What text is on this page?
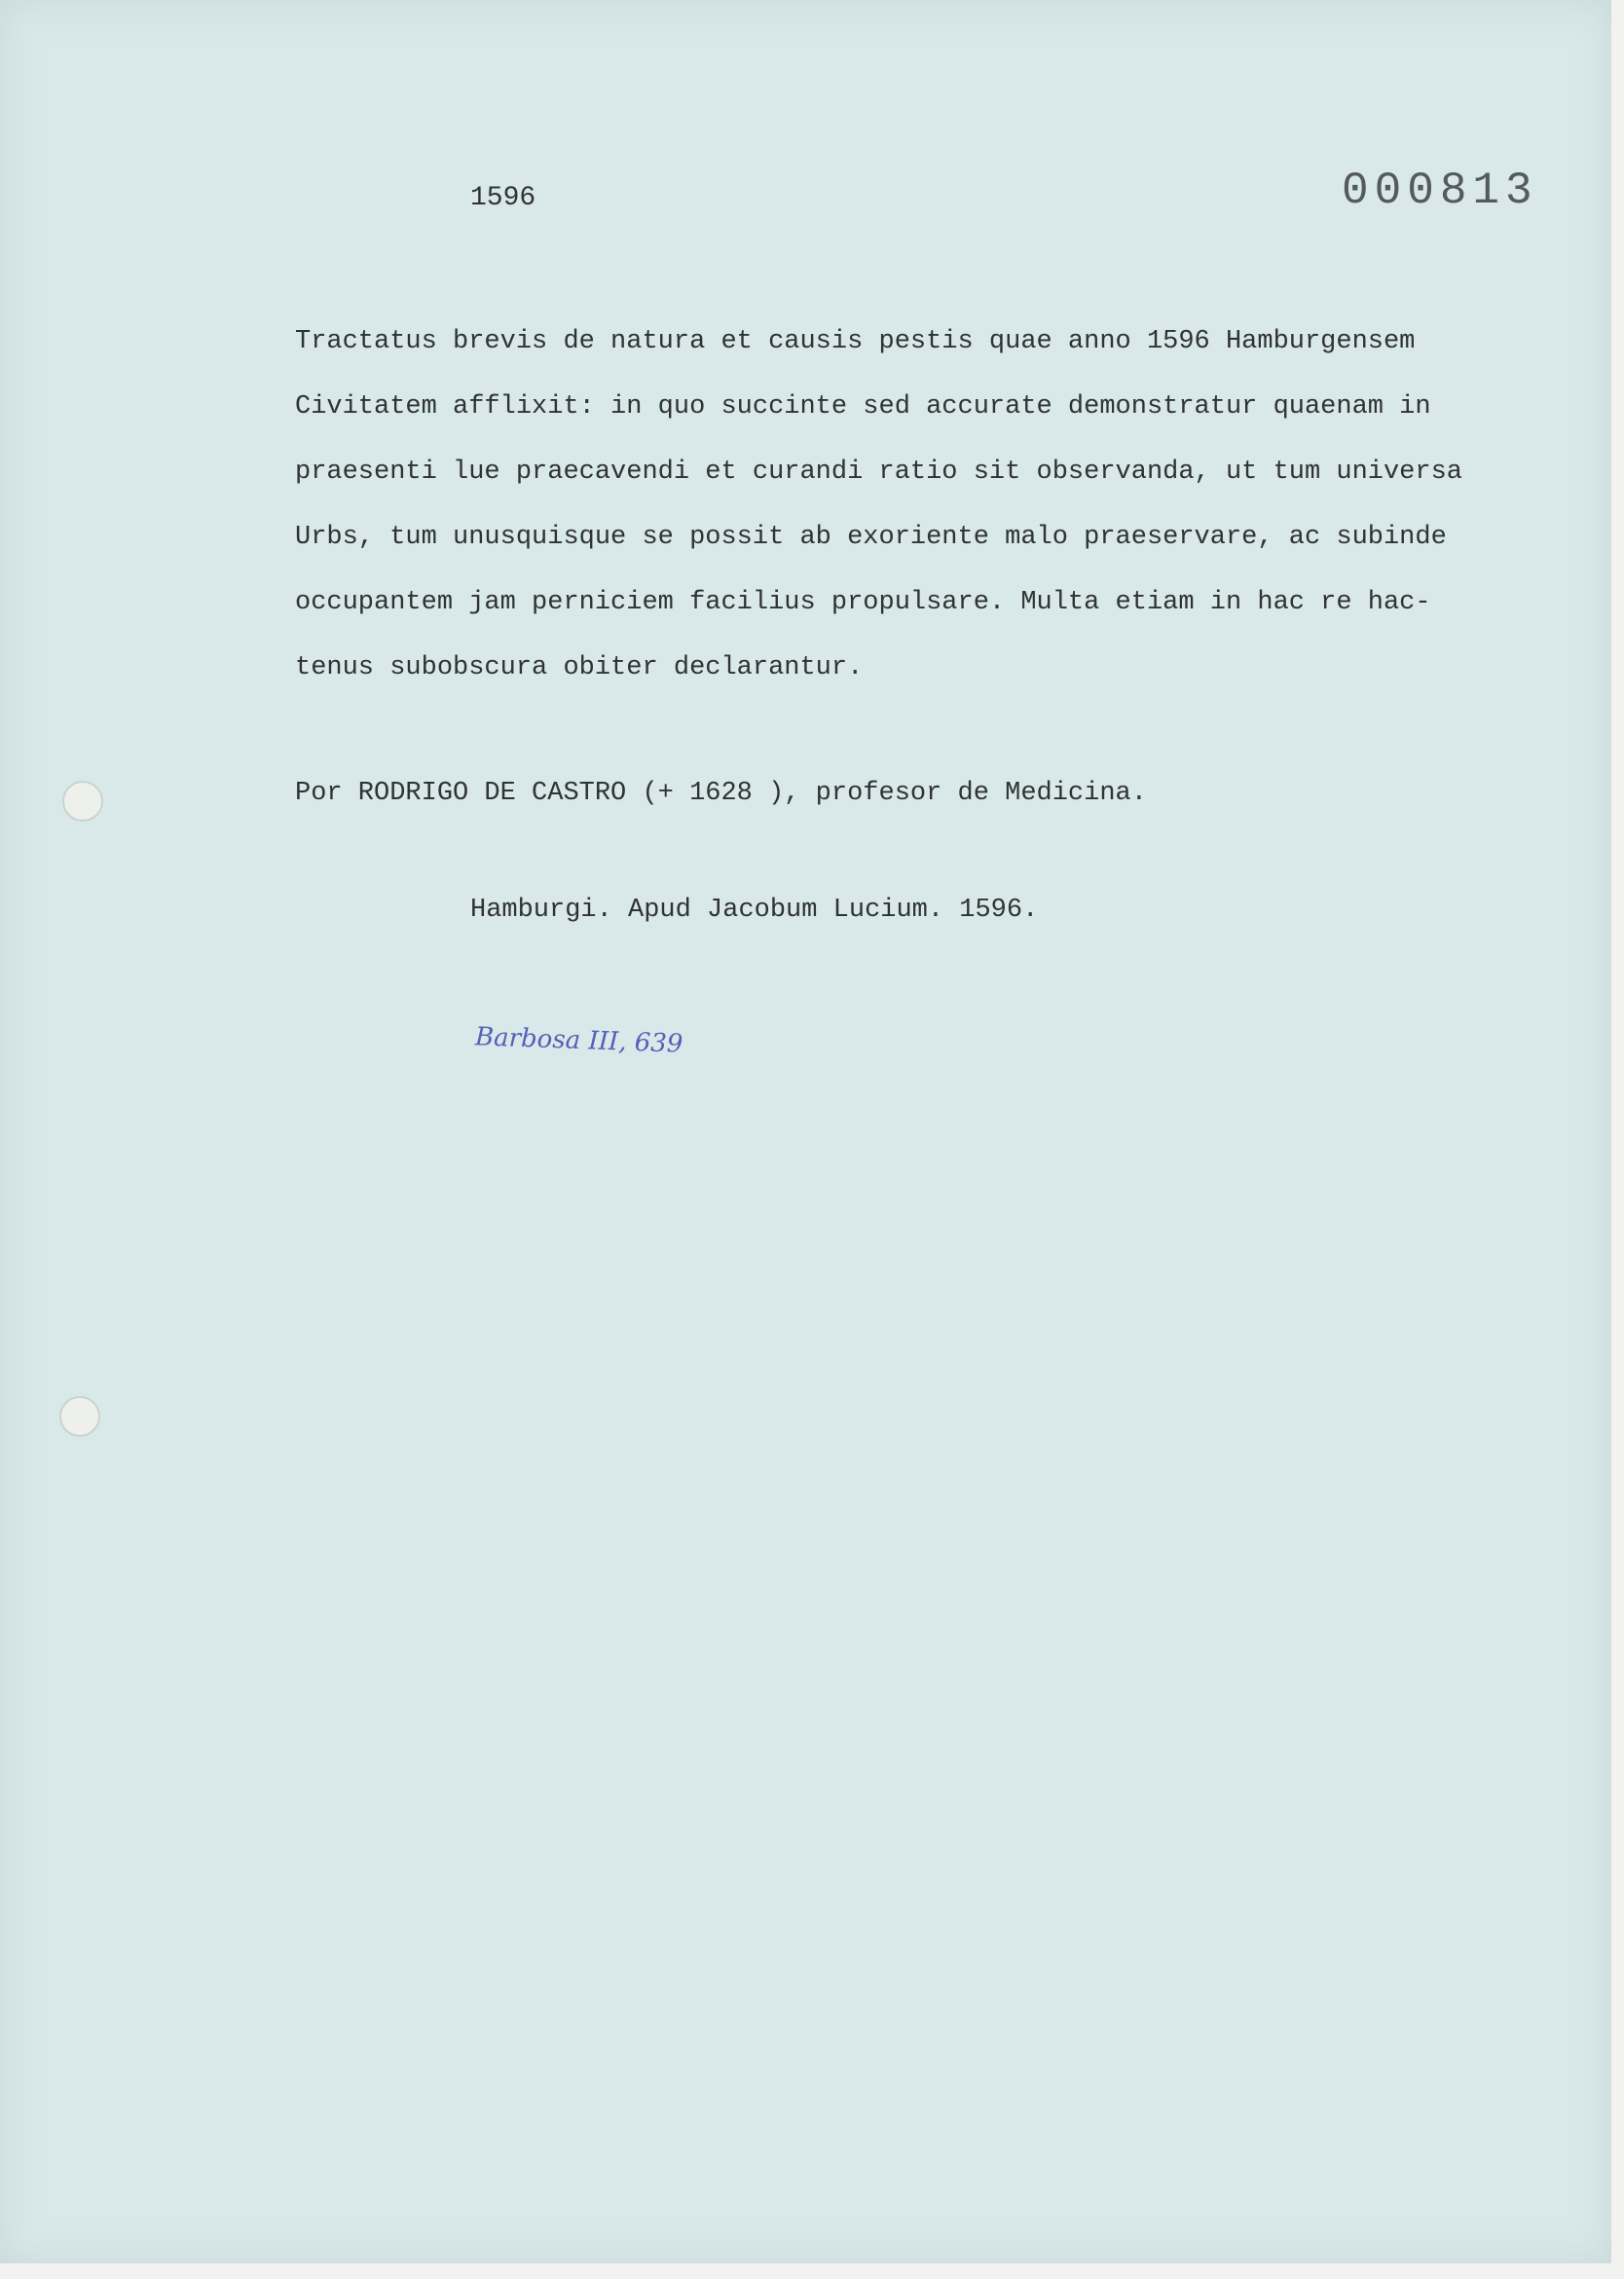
1596	000813
Tractatus brevis de natura et causis pestis quae anno 1596 Hamburgensem
Civitatem afflixit: in quo succinte sed accurate demonstratur quaenam in
praesenti lue praecavendi et curandi ratio sit observanda, ut tum universa
Urbs, tum unusquisque se possit ab exoriente malo praeservare, ac subinde
occupantem jam perniciem facilius propulsare. Multa etiam in hac re hac-
tenus subobscura obiter declarantur.
Por RODRIGO DE CASTRO (+ 1628 ), profesor de Medicina.
Hamburgi. Apud Jacobum Lucium. 1596.
Barbosa III, 639
